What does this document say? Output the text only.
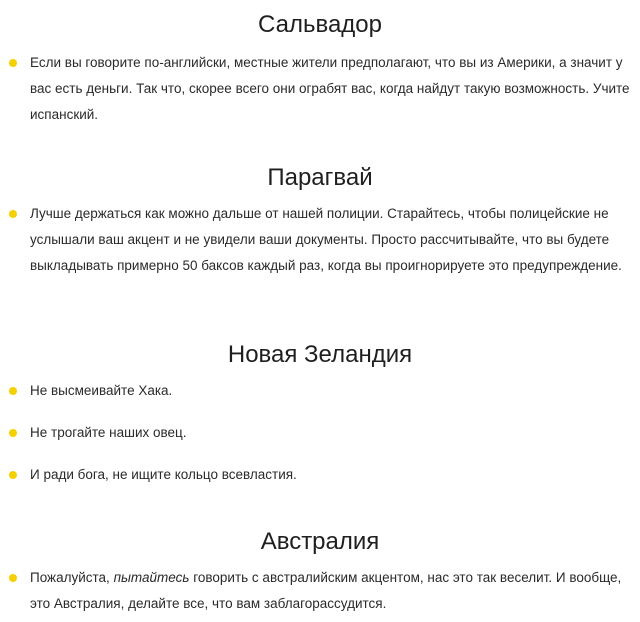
Сальвадор
Если вы говорите по-английски, местные жители предполагают, что вы из Америки, а значит у вас есть деньги. Так что, скорее всего они ограбят вас, когда найдут такую возможность. Учите испанский.
Парагвай
Лучше держаться как можно дальше от нашей полиции. Старайтесь, чтобы полицейские не услышали ваш акцент и не увидели ваши документы. Просто рассчитывайте, что вы будете выкладывать примерно 50 баксов каждый раз, когда вы проигнорируете это предупреждение.
Новая Зеландия
Не высмеивайте Хака.
Не трогайте наших овец.
И ради бога, не ищите кольцо всевластия.
Австралия
Пожалуйста, пытайтесь говорить с австралийским акцентом, нас это так веселит. И вообще, это Австралия, делайте все, что вам заблагорассудится.
